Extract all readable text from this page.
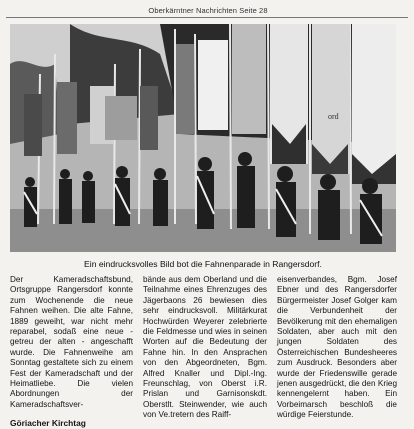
Oberkärntner Nachrichten Seite 28
ord
Ein eindrucksvolles Bild bot die Fahnenparade in Rangersdorf.

Der Kameradschaftsbund, Ortsgruppe Rangersdorf konnte zum Wochenende die neue Fahnen weihen. Die alte Fahne, 1889 geweiht, war nicht mehr reparabel, sodaß eine neue - getreu der alten - angeschafft wurde. Die Fahnenweihe am Sonntag gestaltete sich zu einem Fest der Kameradschaft und der Heimatliebe. Die vielen Abordnungen der Kameradschaftsver-

Göriacher Kirchtag

bände aus dem Oberland und die Teilnahme eines Ehrenzuges des Jägerbaons 26 bewiesen dies sehr eindrucksvoll. Militärkurat Hochwürden Weyerer zelebrierte die Feldmesse und wies in seinen Worten auf die Bedeutung der Fahne hin. In den Ansprachen von den Abgeordneten, Bgm. Alfred Knaller und Dipl.-Ing. Freunschlag, von Oberst i.R. Prislan und Garnisonskdt. Oberstlt. Steinwender, wie auch von Ve.tretern des Raiff-

eisenverbandes, Bgm. Josef Ebner und des Rangersdorfer Bürgermeister Josef Golger kam die Verbundenheit der Bevölkerung mit den ehemaligen Soldaten, aber auch mit den jungen Soldaten des Österreichischen Bundesheeres zum Ausdruck. Besonders aber wurde der Friedenswille gerade jenen ausgedrückt, die den Krieg kennengelernt haben. Ein Vorbeimarsch beschloß die würdige Feierstunde.
